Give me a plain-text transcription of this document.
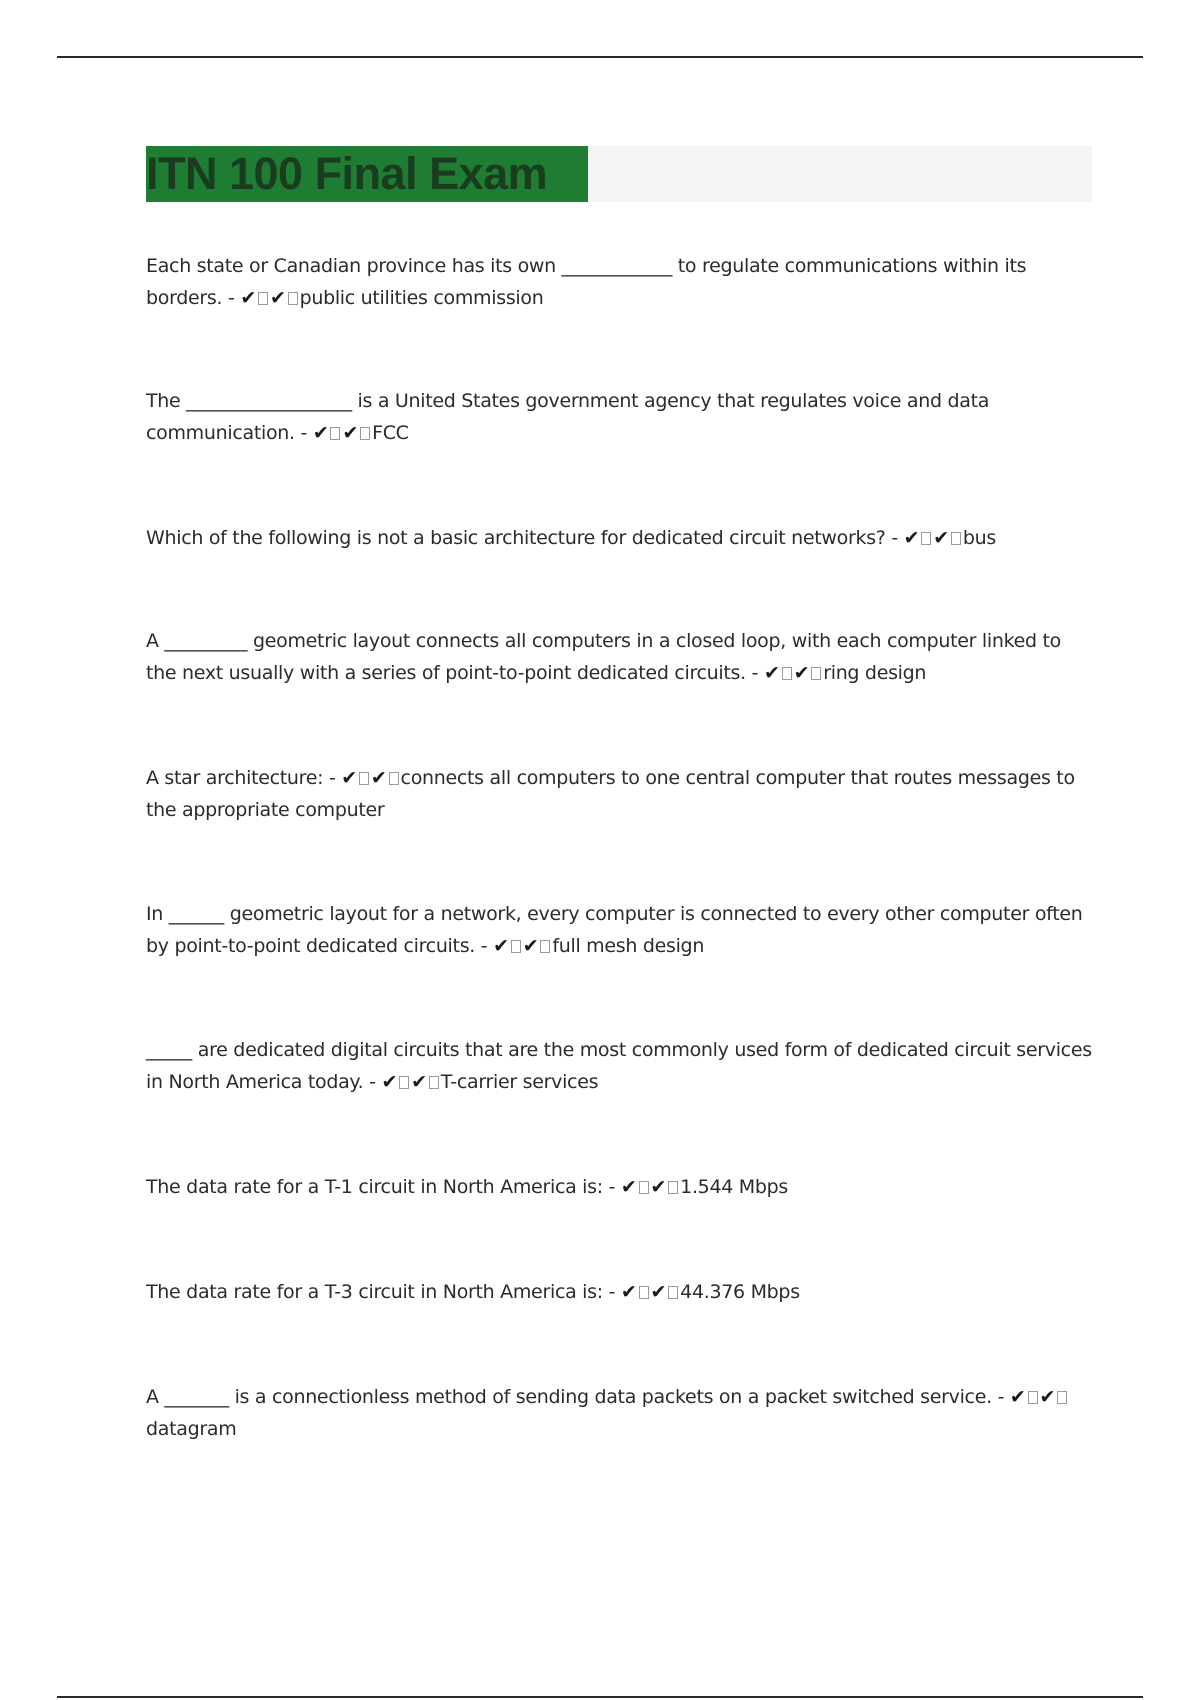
ITN 100 Final Exam
Each state or Canadian province has its own ____________ to regulate communications within its borders. - ✔ ✔ public utilities commission
The __________________ is a United States government agency that regulates voice and data communication. - ✔ ✔ FCC
Which of the following is not a basic architecture for dedicated circuit networks? - ✔ ✔ bus
A _________ geometric layout connects all computers in a closed loop, with each computer linked to the next usually with a series of point-to-point dedicated circuits. - ✔ ✔ ring design
A star architecture: - ✔ ✔ connects all computers to one central computer that routes messages to the appropriate computer
In ______ geometric layout for a network, every computer is connected to every other computer often by point-to-point dedicated circuits. - ✔ ✔ full mesh design
_____ are dedicated digital circuits that are the most commonly used form of dedicated circuit services in North America today. - ✔ ✔ T-carrier services
The data rate for a T-1 circuit in North America is: - ✔ ✔ 1.544 Mbps
The data rate for a T-3 circuit in North America is: - ✔ ✔ 44.376 Mbps
A _______ is a connectionless method of sending data packets on a packet switched service. - ✔ ✔datagram
